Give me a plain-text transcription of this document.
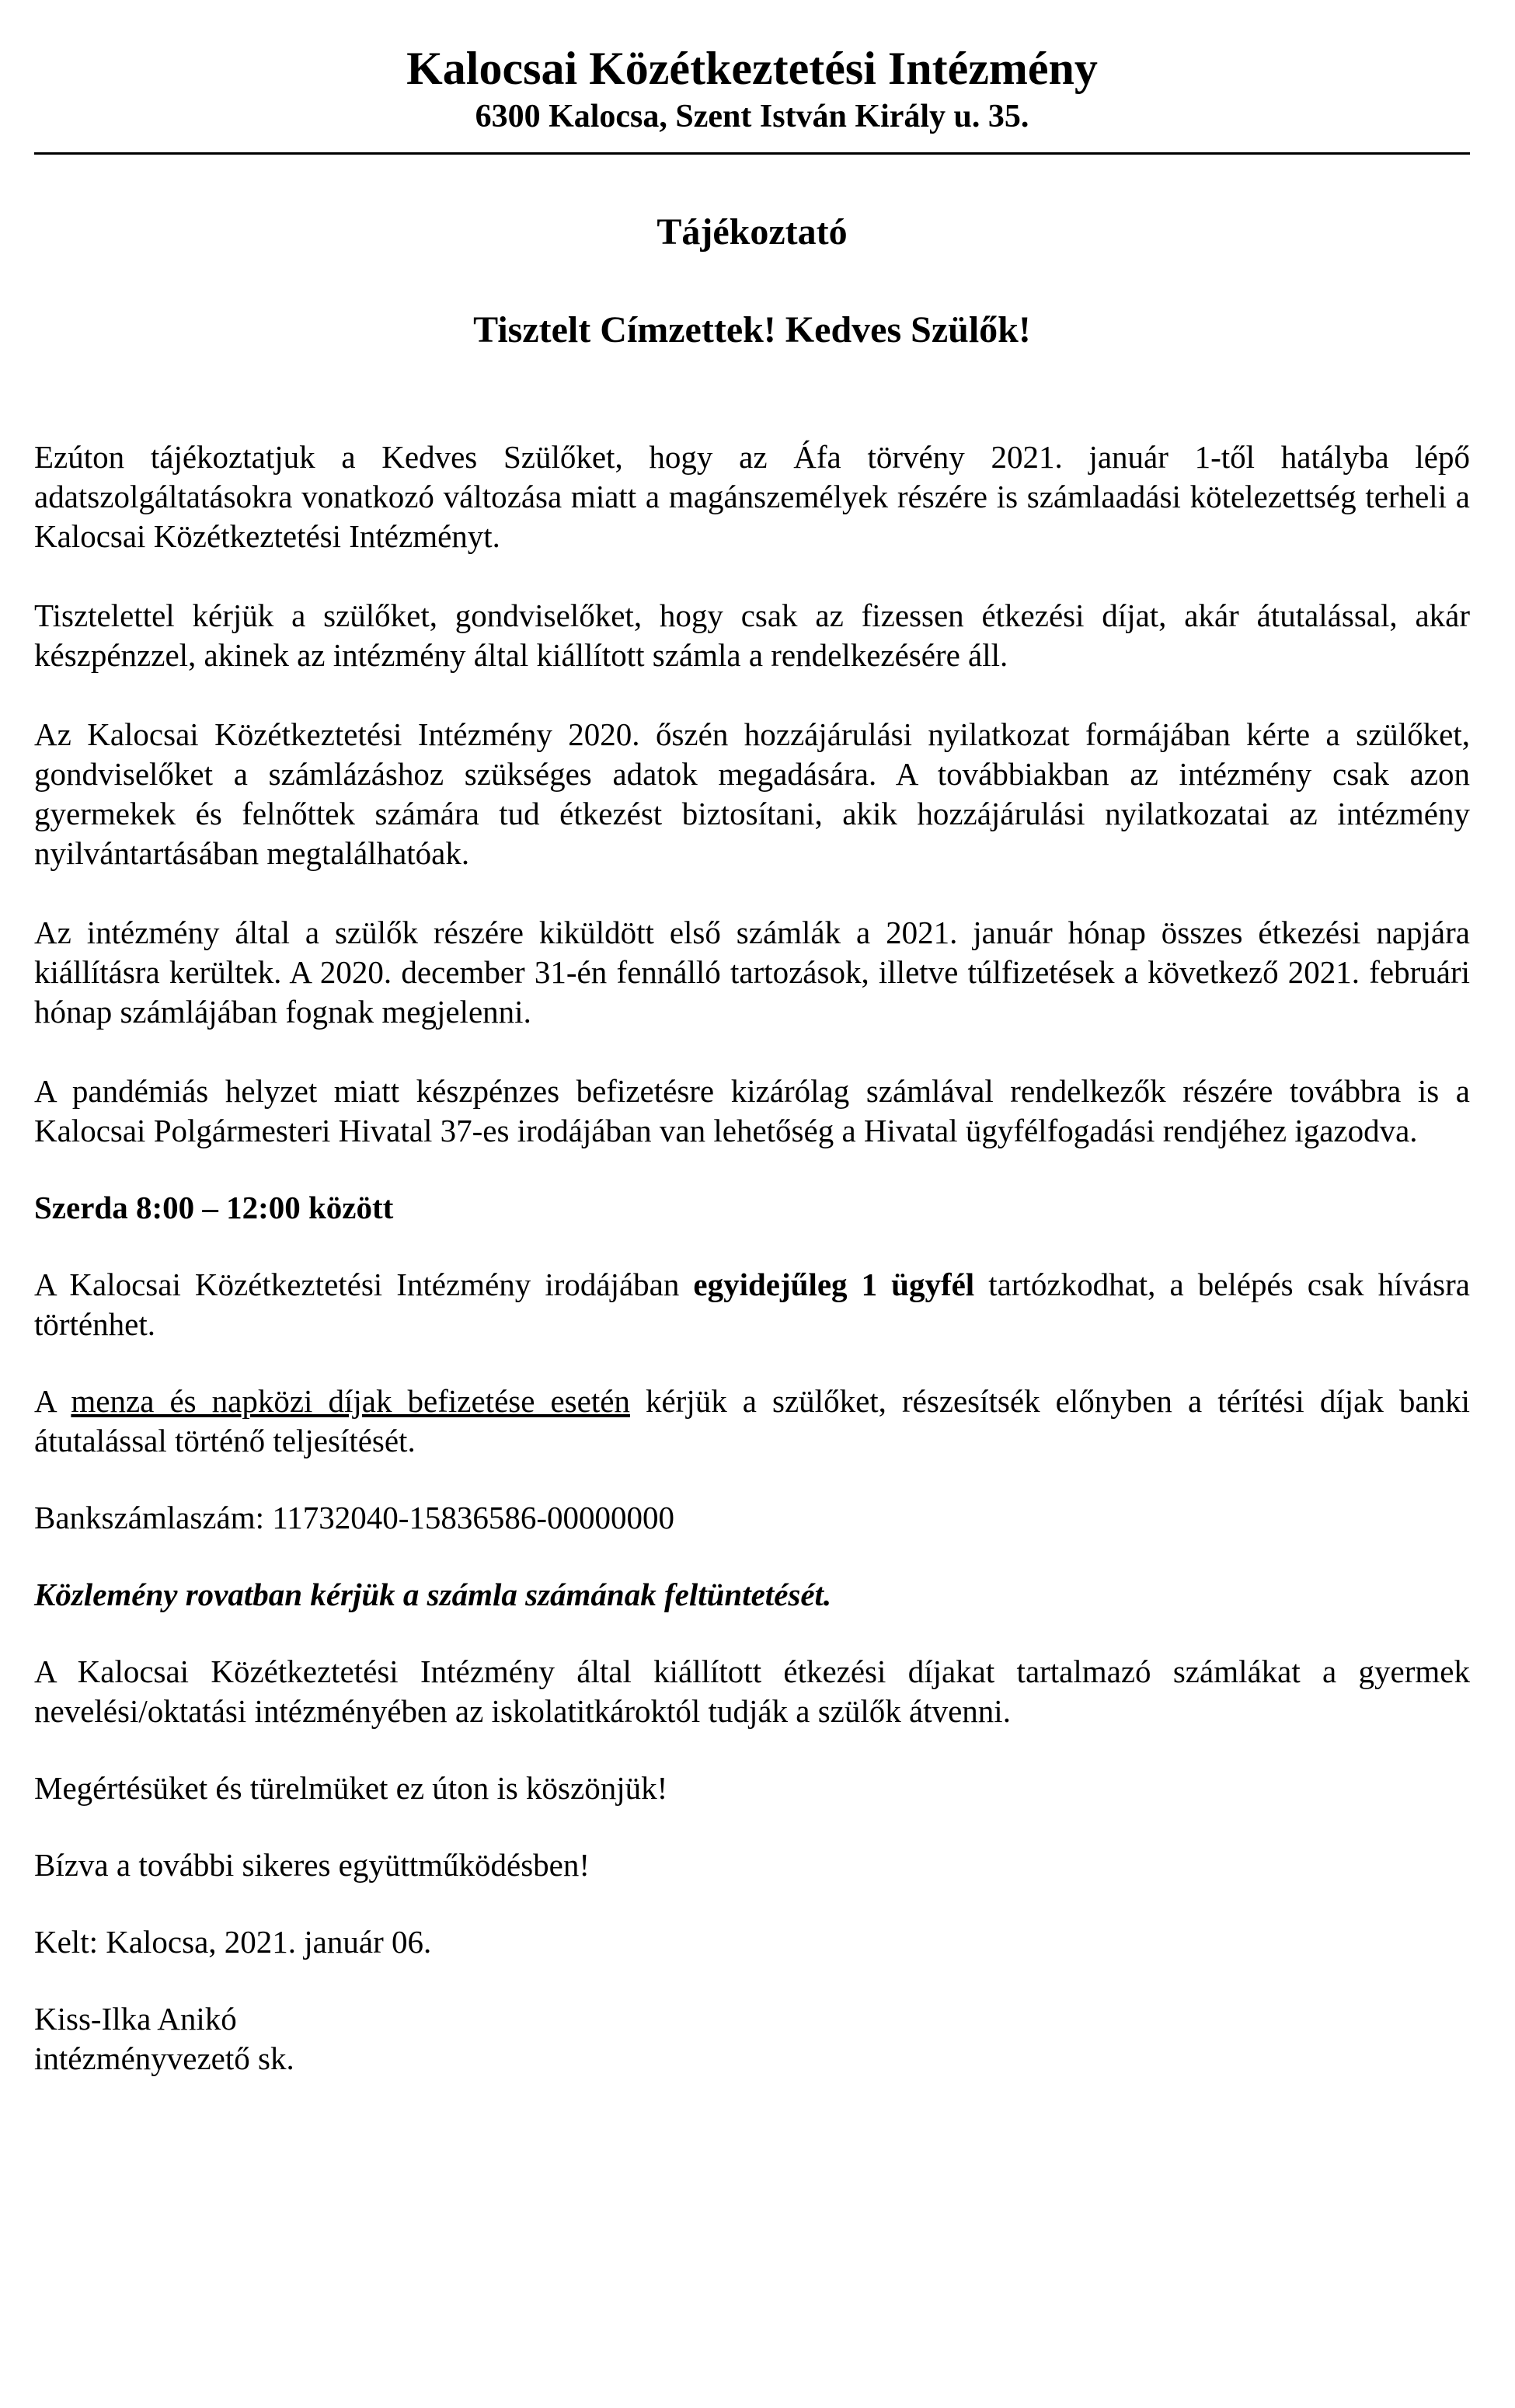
Kalocsai Közétkeztetési Intézmény

6300 Kalocsa, Szent István Király u. 35.

Tájékoztató
Tisztelt Címzettek! Kedves Szülők!

Ezúton tájékoztatjuk a Kedves Szülőket, hogy az Áfa törvény 2021. január 1-től hatályba lépő adatszolgáltatásokra vonatkozó változása miatt a magánszemélyek részére is számlaadási kötelezettség terheli a Kalocsai Közétkeztetési Intézményt.

Tisztelettel kérjük a szülőket, gondviselőket, hogy csak az fizessen étkezési díjat, akár átutalással, akár készpénzzel, akinek az intézmény által kiállított számla a rendelkezésére áll.

Az Kalocsai Közétkeztetési Intézmény 2020. őszén hozzájárulási nyilatkozat formájában kérte a szülőket, gondviselőket a számlázáshoz szükséges adatok megadására. A továbbiakban az intézmény csak azon gyermekek és felnőttek számára tud étkezést biztosítani, akik hozzájárulási nyilatkozatai az intézmény nyilvántartásában megtalálhatóak.

Az intézmény által a szülők részére kiküldött első számlák a 2021. január hónap összes étkezési napjára kiállításra kerültek. A 2020. december 31-én fennálló tartozások, illetve túlfizetések a következő 2021. februári hónap számlájában fognak megjelenni.

A pandémiás helyzet miatt készpénzes befizetésre kizárólag számlával rendelkezők részére továbbra is a Kalocsai Polgármesteri Hivatal 37-es irodájában van lehetőség a Hivatal ügyfélfogadási rendjéhez igazodva.

Szerda 8:00 – 12:00 között

A Kalocsai Közétkeztetési Intézmény irodájában egyidejűleg 1 ügyfél tartózkodhat, a belépés csak hívásra történhet.

A menza és napközi díjak befizetése esetén kérjük a szülőket, részesítsék előnyben a térítési díjak banki átutalással történő teljesítését.

Bankszámlaszám: 11732040-15836586-00000000

Közlemény rovatban kérjük a számla számának feltüntetését.

A Kalocsai Közétkeztetési Intézmény által kiállított étkezési díjakat tartalmazó számlákat a gyermek nevelési/oktatási intézményében az iskolatitkároktól tudják a szülők átvenni.

Megértésüket és türelmüket ez úton is köszönjük!

Bízva a további sikeres együttműködésben!

Kelt: Kalocsa, 2021. január 06.

Kiss-Ilka Anikó

intézményvezető sk.
